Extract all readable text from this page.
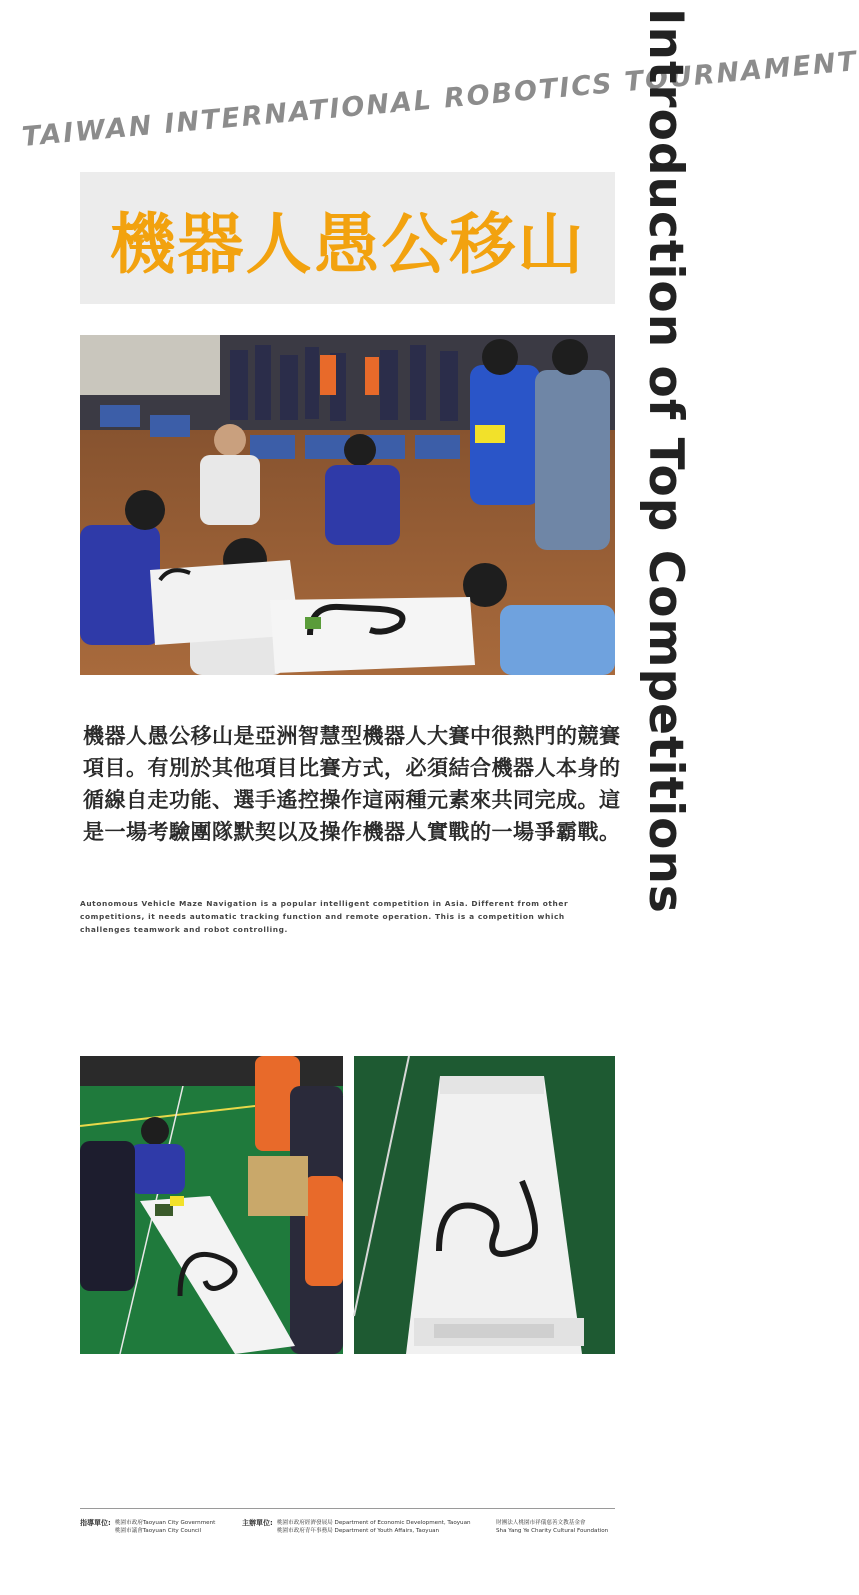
TAIWAN INTERNATIONAL ROBOTICS TOURNAMENT
Introduction of Top Competitions
機器人愚公移山
機器人愚公移山是亞洲智慧型機器人大賽中很熱門的競賽項目。有別於其他項目比賽方式，必須結合機器人本身的循線自走功能、選手遙控操作這兩種元素來共同完成。這是一場考驗團隊默契以及操作機器人實戰的一場爭霸戰。
Autonomous Vehicle Maze Navigation is a popular intelligent competition in Asia. Different from other competitions, it needs automatic tracking function and remote operation. This is a competition which challenges teamwork and robot controlling.
指導單位: 桃園市政府Taoyuan City Government
桃園市議會Taoyuan City Council
主辦單位: 桃園市政府經濟發展局 Department of Economic Development, Taoyuan
桃園市政府青年事務局 Department of Youth Affairs, Taoyuan
財團法人桃園市祥儀慈善文教基金會
Sha Yang Ye Charity Cultural Foundation
